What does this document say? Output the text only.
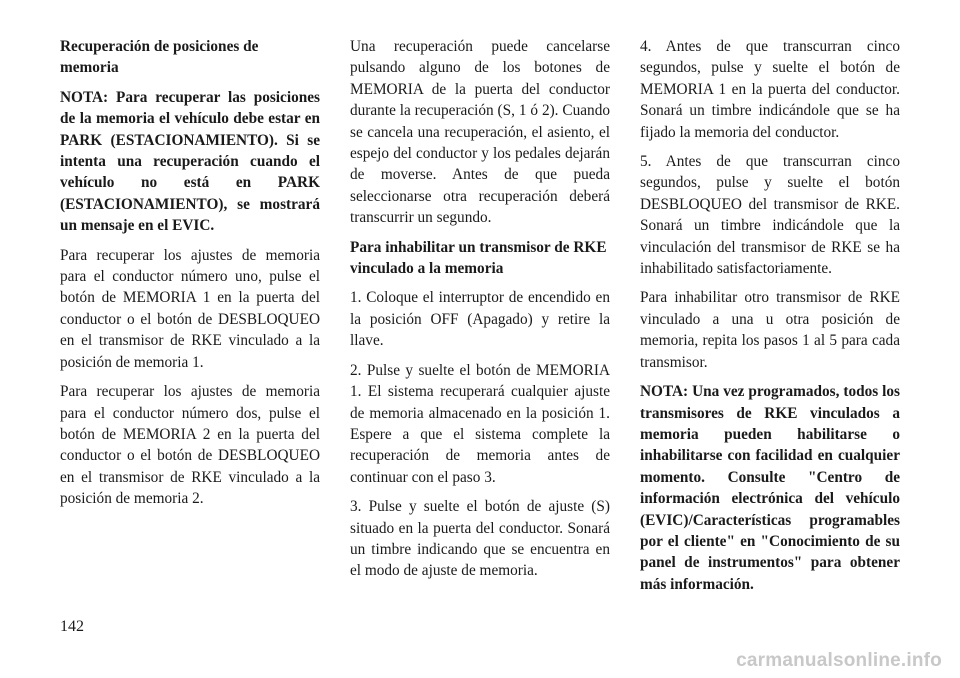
Recuperación de posiciones de memoria

NOTA: Para recuperar las posiciones de la memoria el vehículo debe estar en PARK (ESTACIONAMIENTO). Si se intenta una recuperación cuando el vehículo no está en PARK (ESTACIONAMIENTO), se mostrará un mensaje en el EVIC.

Para recuperar los ajustes de memoria para el conductor número uno, pulse el botón de MEMORIA 1 en la puerta del conductor o el botón de DESBLOQUEO en el transmisor de RKE vinculado a la posición de memoria 1.

Para recuperar los ajustes de memoria para el conductor número dos, pulse el botón de MEMORIA 2 en la puerta del conductor o el botón de DESBLOQUEO en el transmisor de RKE vinculado a la posición de memoria 2.

Una recuperación puede cancelarse pulsando alguno de los botones de MEMORIA de la puerta del conductor durante la recuperación (S, 1 ó 2). Cuando se cancela una recuperación, el asiento, el espejo del conductor y los pedales dejarán de moverse. Antes de que pueda seleccionarse otra recuperación deberá transcurrir un segundo.

Para inhabilitar un transmisor de RKE vinculado a la memoria

1. Coloque el interruptor de encendido en la posición OFF (Apagado) y retire la llave.

2. Pulse y suelte el botón de MEMORIA 1. El sistema recuperará cualquier ajuste de memoria almacenado en la posición 1. Espere a que el sistema complete la recuperación de memoria antes de continuar con el paso 3.

3. Pulse y suelte el botón de ajuste (S) situado en la puerta del conductor. Sonará un timbre indicando que se encuentra en el modo de ajuste de memoria.

4. Antes de que transcurran cinco segundos, pulse y suelte el botón de MEMORIA 1 en la puerta del conductor. Sonará un timbre indicándole que se ha fijado la memoria del conductor.

5. Antes de que transcurran cinco segundos, pulse y suelte el botón DESBLOQUEO del transmisor de RKE. Sonará un timbre indicándole que la vinculación del transmisor de RKE se ha inhabilitado satisfactoriamente.

Para inhabilitar otro transmisor de RKE vinculado a una u otra posición de memoria, repita los pasos 1 al 5 para cada transmisor.

NOTA: Una vez programados, todos los transmisores de RKE vinculados a memoria pueden habilitarse o inhabilitarse con facilidad en cualquier momento. Consulte "Centro de información electrónica del vehículo (EVIC)/Características programables por el cliente" en "Conocimiento de su panel de instrumentos" para obtener más información.

142
carmanualsonline.info
